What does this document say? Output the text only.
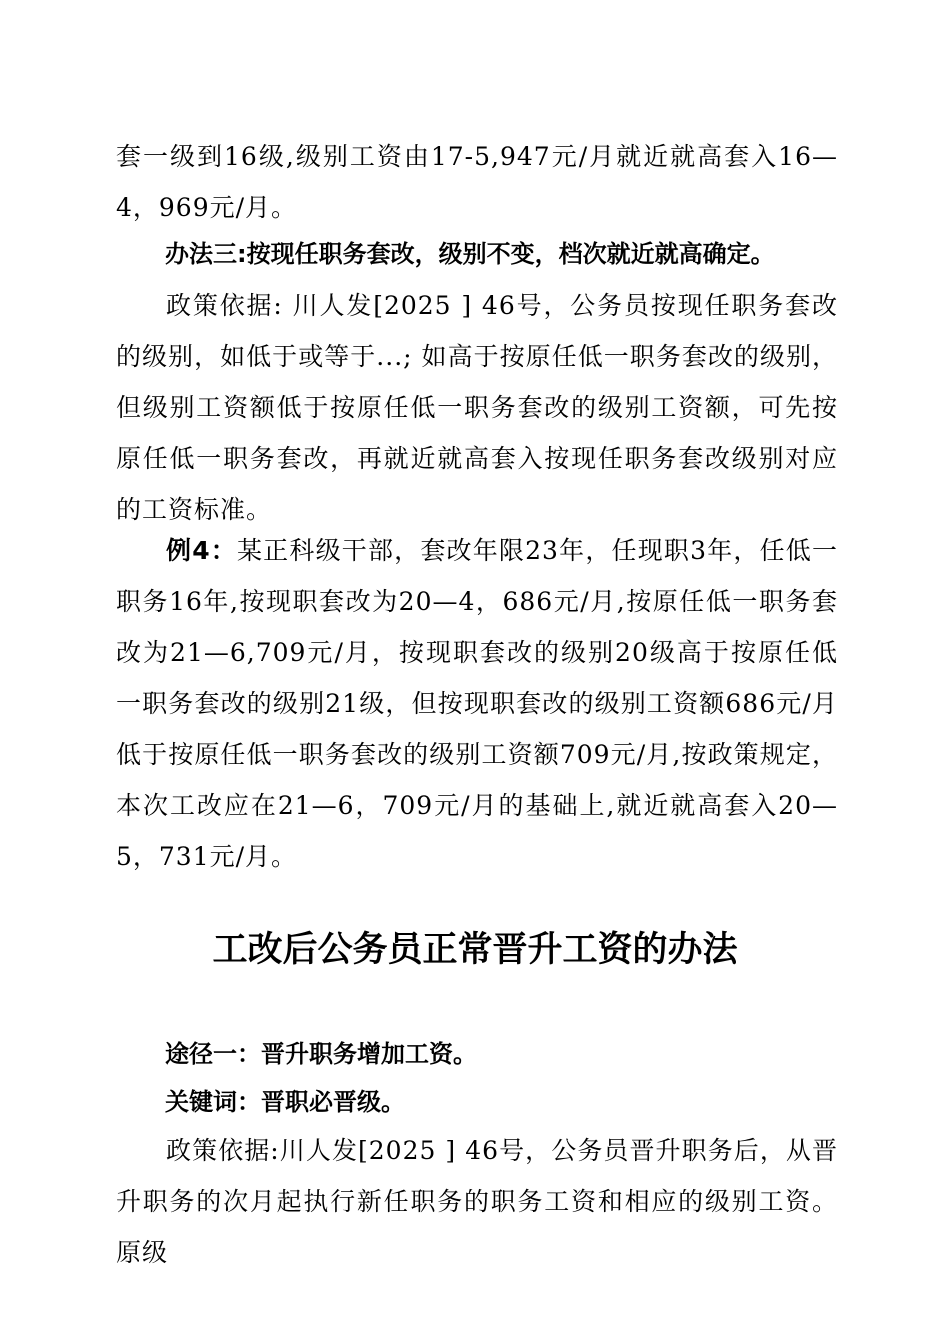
套一级到16级,级别工资由17-5,947元/月就近就高套入16—4，969元/月。

办法三:按现任职务套改，级别不变，档次就近就高确定。

政策依据: 川人发[2025 ] 46号，公务员按现任职务套改的级别，如低于或等于...; 如高于按原任低一职务套改的级别，但级别工资额低于按原任低一职务套改的级别工资额，可先按原任低一职务套改，再就近就高套入按现任职务套改级别对应的工资标准。

例4：某正科级干部，套改年限23年，任现职3年，任低一职务16年,按现职套改为20—4，686元/月,按原任低一职务套改为21—6,709元/月，按现职套改的级别20级高于按原任低一职务套改的级别21级，但按现职套改的级别工资额686元/月低于按原任低一职务套改的级别工资额709元/月,按政策规定，本次工改应在21—6，709元/月的基础上,就近就高套入20—5，731元/月。

工改后公务员正常晋升工资的办法

途径一：晋升职务增加工资。

关键词：晋职必晋级。

政策依据:川人发[2025 ] 46号，公务员晋升职务后，从晋升职务的次月起执行新任职务的职务工资和相应的级别工资。原级
